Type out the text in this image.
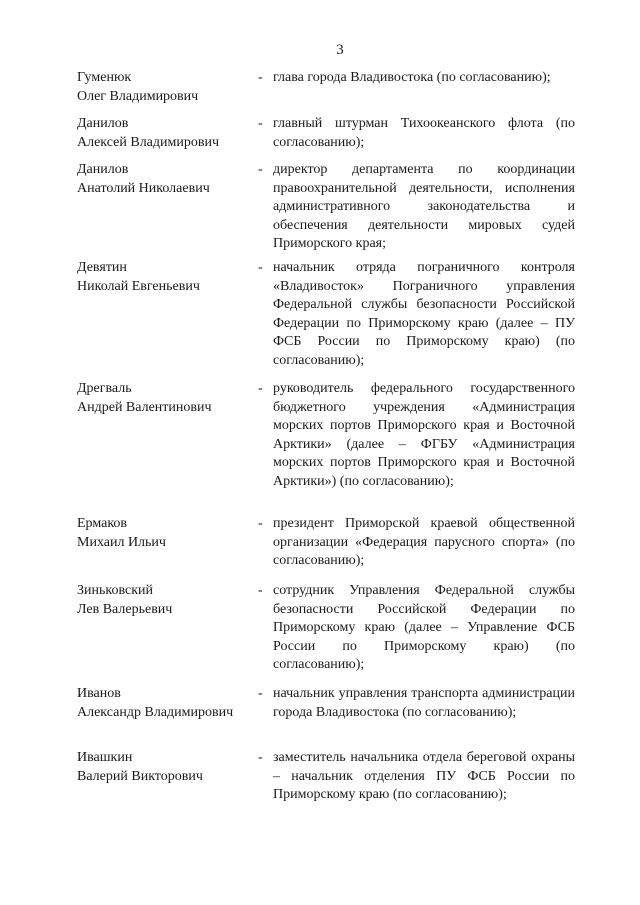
3
Гуменюк
Олег Владимирович
- глава города Владивостока (по согласованию);
Данилов
Алексей Владимирович
- главный штурман Тихоокеанского флота (по согласованию);
Данилов
Анатолий Николаевич
- директор департамента по координации правоохранительной деятельности, исполнения административного законодательства и обеспечения деятельности мировых судей Приморского края;
Девятин
Николай Евгеньевич
- начальник отряда пограничного контроля «Владивосток» Пограничного управления Федеральной службы безопасности Российской Федерации по Приморскому краю (далее – ПУ ФСБ России по Приморскому краю) (по согласованию);
Дрегваль
Андрей Валентинович
- руководитель федерального государственного бюджетного учреждения «Администрация морских портов Приморского края и Восточной Арктики» (далее – ФГБУ «Администрация морских портов Приморского края и Восточной Арктики») (по согласованию);
Ермаков
Михаил Ильич
- президент Приморской краевой общественной организации «Федерация парусного спорта» (по согласованию);
Зиньковский
Лев Валерьевич
- сотрудник Управления Федеральной службы безопасности Российской Федерации по Приморскому краю (далее – Управление ФСБ России по Приморскому краю) (по согласованию);
Иванов
Александр Владимирович
- начальник управления транспорта администрации города Владивостока (по согласованию);
Ивашкин
Валерий Викторович
- заместитель начальника отдела береговой охраны – начальник отделения ПУ ФСБ России по Приморскому краю (по согласованию);
